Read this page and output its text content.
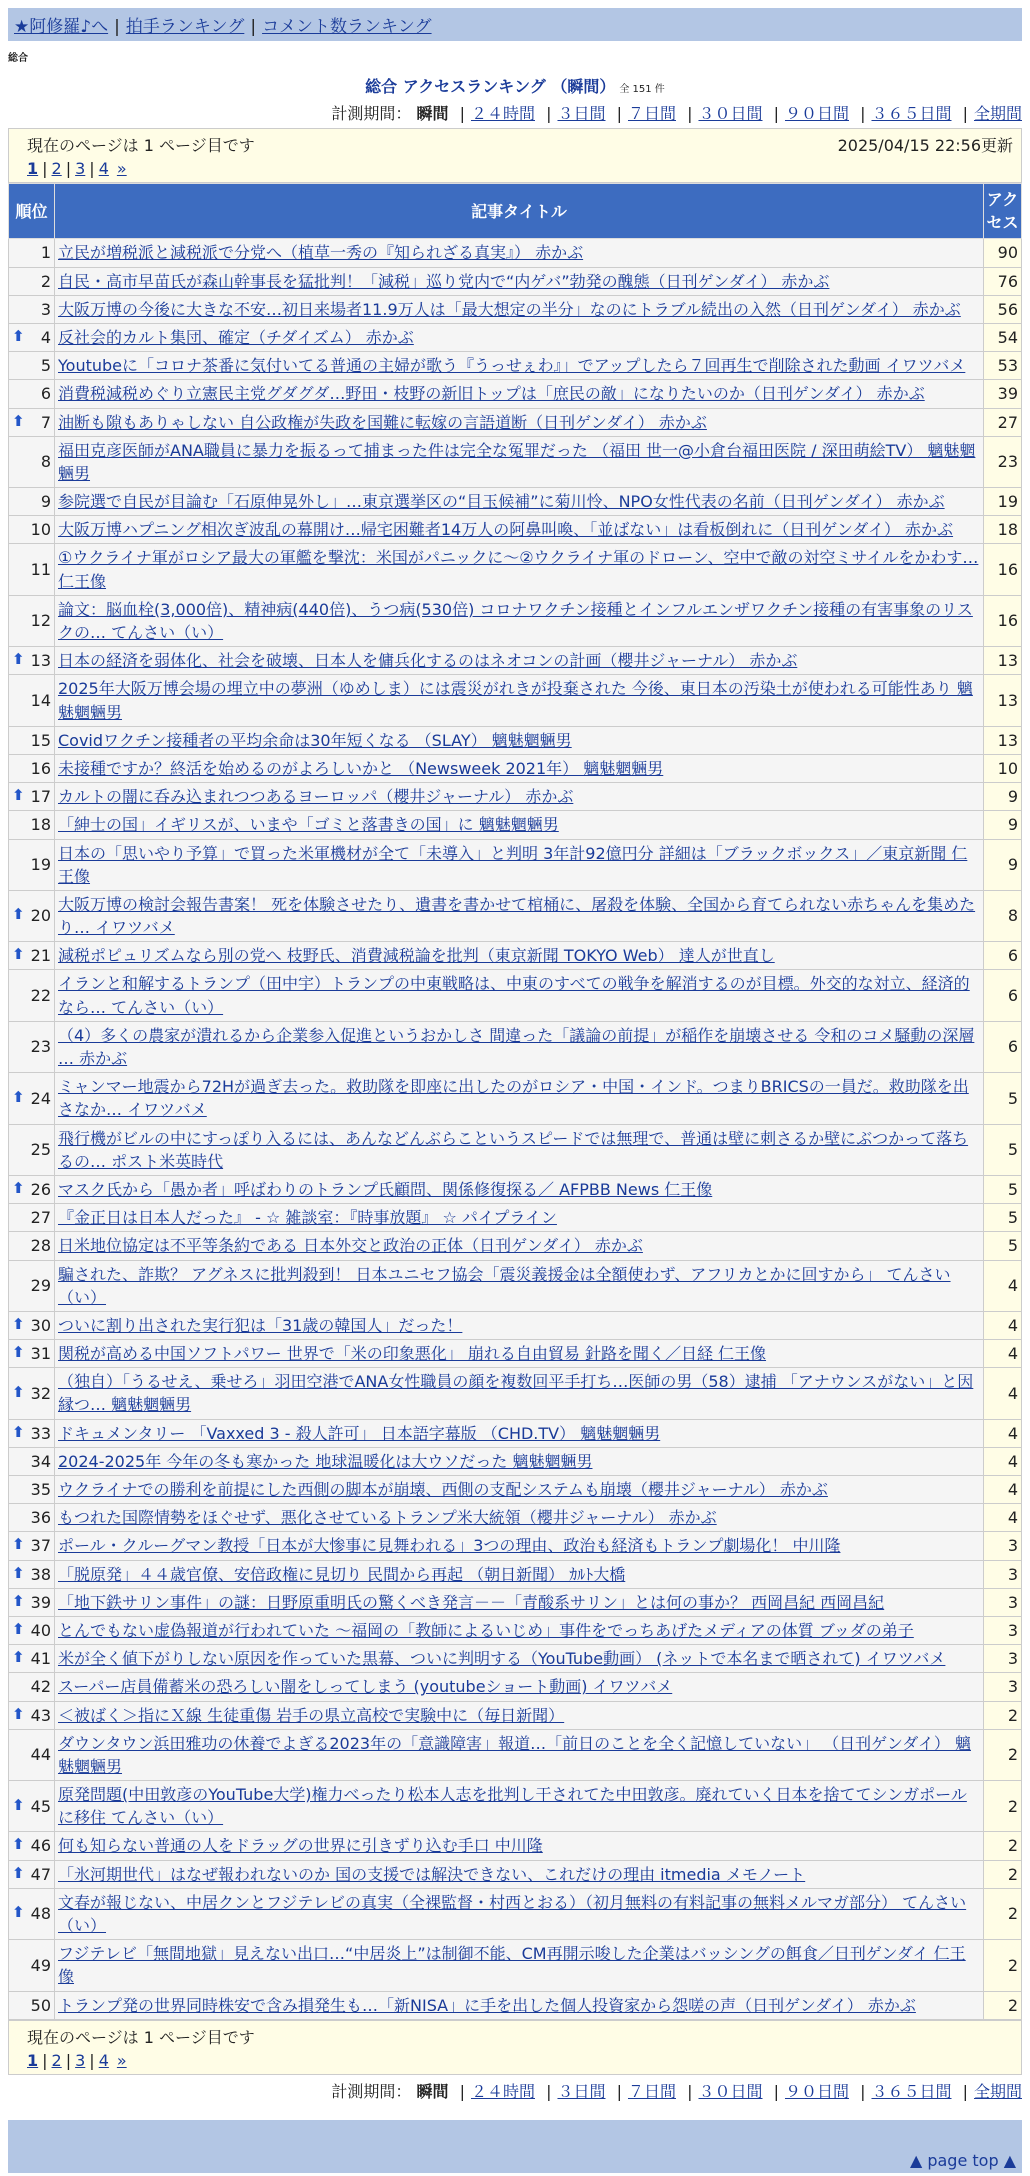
★阿修羅♪へ | 拍手ランキング | コメント数ランキング
総合
総合 アクセスランキング （瞬間） 全 151 件
計測期間： 瞬間 | ２４時間 | ３日間 | ７日間 | ３０日間 | ９０日間 | ３６５日間 | 全期間
現在のページは 1 ページ目です	2025/04/15 22:56更新
1 | 2 | 3 | 4 »
順位	記事タイトル	アクセス
1	立民が増税派と減税派で分党へ（植草一秀の『知られざる真実』） 赤かぶ	90
2	自民・高市早苗氏が森山幹事長を猛批判！「減税」巡り党内で“内ゲバ”勃発の醜態（日刊ゲンダイ） 赤かぶ	76
3	大阪万博の今後に大きな不安…初日来場者11.9万人は「最大想定の半分」なのにトラブル続出の入然（日刊ゲンダイ） 赤かぶ	56

⬆ 4	反社会的カルト集団、確定（チダイズム） 赤かぶ	54
5	Youtubeに「コロナ茶番に気付いてる普通の主婦が歌う『うっせぇわ』」でアップしたら７回再生で削除された動画 イワツバメ	53
6	消費税減税めぐり立憲民主党グダグダ…野田・枝野の新旧トップは「庶民の敵」になりたいのか（日刊ゲンダイ） 赤かぶ	39

⬆ 7	油断も隙もありゃしない 自公政権が失政を国難に転嫁の言語道断（日刊ゲンダイ） 赤かぶ	27
8	福田克彦医師がANA職員に暴力を振るって捕まった件は完全な冤罪だった （福田 世一@小倉台福田医院 / 深田萌絵TV） 魑魅魍魎男	23
9	参院選で自民が目論む「石原伸晃外し」…東京選挙区の“目玉候補”に菊川怜、NPO女性代表の名前（日刊ゲンダイ） 赤かぶ	19
10	大阪万博ハプニング相次ぎ波乱の幕開け…帰宅困難者14万人の阿鼻叫喚、「並ばない」は看板倒れに（日刊ゲンダイ） 赤かぶ	18
11	①ウクライナ軍がロシア最大の軍艦を撃沈：米国がパニックに～②ウクライナ軍のドローン、空中で敵の対空ミサイルをかわす… 仁王像	16
12	論文：脳血栓(3,000倍)、精神病(440倍)、うつ病(530倍) コロナワクチン接種とインフルエンザワクチン接種の有害事象のリスクの… てんさい（い）	16

⬆ 13	日本の経済を弱体化、社会を破壊、日本人を傭兵化するのはネオコンの計画（櫻井ジャーナル） 赤かぶ	13
14	2025年大阪万博会場の埋立中の夢洲（ゆめしま）には震災がれきが投棄された 今後、東日本の汚染土が使われる可能性あり 魑魅魍魎男	13
15	Covidワクチン接種者の平均余命は30年短くなる （SLAY） 魑魅魍魎男	13
16	未接種ですか？終活を始めるのがよろしいかと （Newsweek 2021年） 魑魅魍魎男	10

⬆ 17	カルトの闇に呑み込まれつつあるヨーロッパ（櫻井ジャーナル） 赤かぶ	9
18	「紳士の国」イギリスが、いまや「ゴミと落書きの国」に 魑魅魍魎男	9
19	日本の「思いやり予算」で買った米軍機材が全て「未導入」と判明 3年計92億円分 詳細は「ブラックボックス」／東京新聞 仁王像	9

⬆ 20	大阪万博の検討会報告書案！ 死を体験させたり、遺書を書かせて棺桶に、屠殺を体験、全国から育てられない赤ちゃんを集めたり… イワツバメ	8

⬆ 21	減税ポピュリズムなら別の党へ 枝野氏、消費減税論を批判（東京新聞 TOKYO Web） 達人が世直し	6
22	イランと和解するトランプ（田中宇）トランプの中東戦略は、中東のすべての戦争を解消するのが目標。外交的な対立、経済的なら… てんさい（い）	6
23	（4）多くの農家が潰れるから企業参入促進というおかしさ 間違った「議論の前提」が稲作を崩壊させる 令和のコメ騒動の深層 … 赤かぶ	6

⬆ 24	ミャンマー地震から72Hが過ぎ去った。救助隊を即座に出したのがロシア・中国・インド。つまりBRICSの一員だ。救助隊を出さなか… イワツバメ	5
25	飛行機がビルの中にすっぽり入るには、あんなどんぶらこというスピードでは無理で、普通は壁に刺さるか壁にぶつかって落ちるの… ポスト米英時代	5

⬆ 26	マスク氏から「愚か者」呼ばわりのトランプ氏顧問、関係修復探る／ AFPBB News 仁王像	5
27	『金正日は日本人だった』 - ☆ 雑談室：『時事放題』 ☆ パイプライン	5
28	日米地位協定は不平等条約である 日本外交と政治の正体（日刊ゲンダイ） 赤かぶ	5
29	騙された、詐欺？ アグネスに批判殺到！ 日本ユニセフ協会「震災義援金は全額使わず、アフリカとかに回すから」 てんさい（い）	4

⬆ 30	ついに割り出された実行犯は「31歳の韓国人」だった！	4

⬆ 31	関税が高める中国ソフトパワー 世界で「米の印象悪化」 崩れる自由貿易 針路を聞く／日経 仁王像	4

⬆ 32	（独自）「うるせえ、乗せろ」羽田空港でANA女性職員の顔を複数回平手打ち…医師の男（58）逮捕 「アナウンスがない」と因縁つ… 魑魅魍魎男	4

⬆ 33	ドキュメンタリー 「Vaxxed 3 - 殺人許可」 日本語字幕版 （CHD.TV） 魑魅魍魎男	4
34	2024-2025年 今年の冬も寒かった 地球温暖化は大ウソだった 魑魅魍魎男	4
35	ウクライナでの勝利を前提にした西側の脚本が崩壊、西側の支配システムも崩壊（櫻井ジャーナル） 赤かぶ	4
36	もつれた国際情勢をほぐせず、悪化させているトランプ米大統領（櫻井ジャーナル） 赤かぶ	4

⬆ 37	ポール・クルーグマン教授「日本が大惨事に見舞われる」3つの理由、政治も経済もトランプ劇場化！ 中川隆	3

⬆ 38	「脱原発」４４歳官僚、安倍政権に見切り 民間から再起 （朝日新聞） ｶﾙﾄ大橋	3

⬆ 39	「地下鉄サリン事件」の謎：日野原重明氏の驚くべき発言－－「青酸系サリン」とは何の事か？ 西岡昌紀 西岡昌紀	3

⬆ 40	とんでもない虚偽報道が行われていた ～福岡の「教師によるいじめ」事件をでっちあげたメディアの体質 ブッダの弟子	3

⬆ 41	米が全く値下がりしない原因を作っていた黒幕、ついに判明する（YouTube動画） (ネットで本名まで晒されて) イワツバメ	3
42	スーパー店員備蓄米の恐ろしい闇をしってしまう (youtubeショート動画) イワツバメ	3

⬆ 43	＜被ばく＞指にＸ線 生徒重傷 岩手の県立高校で実験中に（毎日新聞）	2
44	ダウンタウン浜田雅功の休養でよぎる2023年の「意識障害」報道…「前日のことを全く記憶していない」 （日刊ゲンダイ） 魑魅魍魎男	2

⬆ 45	原発問題(中田敦彦のYouTube大学)権力べったり松本人志を批判し干されてた中田敦彦。廃れていく日本を捨ててシンガポールに移住 てんさい（い）	2

⬆ 46	何も知らない普通の人をドラッグの世界に引きずり込む手口 中川隆	2

⬆ 47	「氷河期世代」はなぜ報われないのか 国の支援では解決できない、これだけの理由 itmedia メモノート	2

⬆ 48	文春が報じない、中居クンとフジテレビの真実（全裸監督・村西とおる）（初月無料の有料記事の無料メルマガ部分） てんさい（い）	2
49	フジテレビ「無間地獄」見えない出口…“中居炎上”は制御不能、CM再開示唆した企業はバッシングの餌食／日刊ゲンダイ 仁王像	2
50	トランプ発の世界同時株安で含み損発生も…「新NISA」に手を出した個人投資家から怨嗟の声（日刊ゲンダイ） 赤かぶ	2
現在のページは 1 ページ目です
1 | 2 | 3 | 4 »
計測期間： 瞬間 | ２４時間 | ３日間 | ７日間 | ３０日間 | ９０日間 | ３６５日間 | 全期間
▲ page top ▲
